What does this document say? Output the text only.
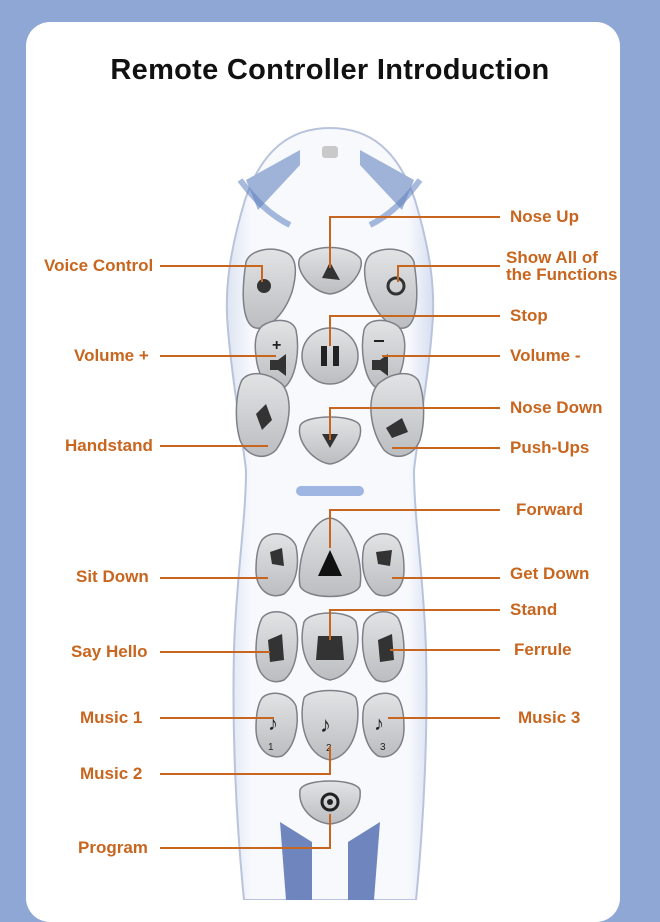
Remote Controller Introduction
+
♪
1
♪
2
♪
3
Voice Control
Volume +
Handstand
Sit Down
Say Hello
Music 1
Music 2
Program
Nose Up
Show All of
the Functions
Stop
Volume -
Nose Down
Push-Ups
Forward
Get Down
Stand
Ferrule
Music 3
